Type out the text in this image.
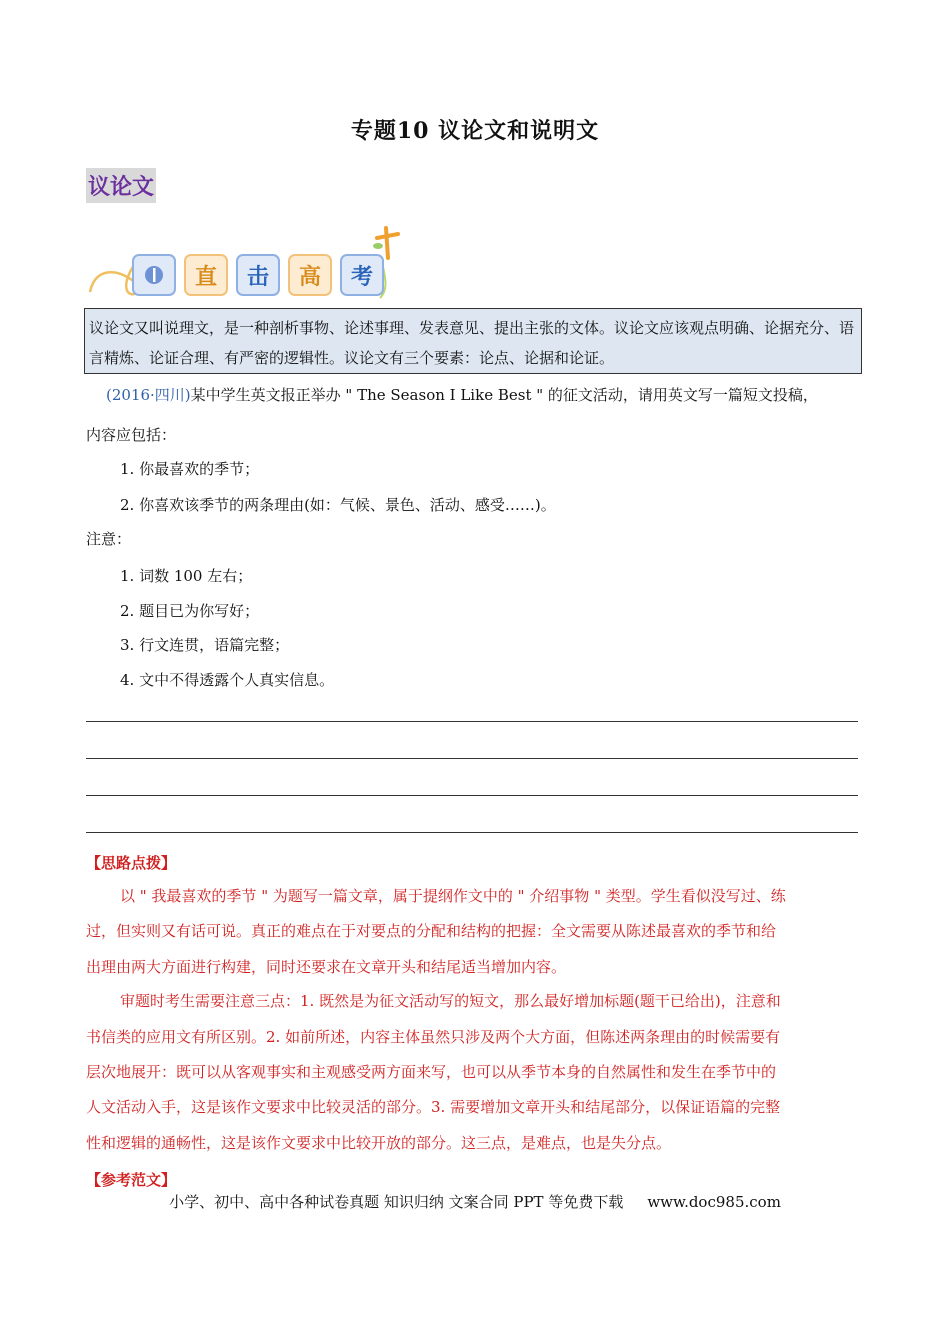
专题10 议论文和说明文
议论文
直	击	高	考
议论文又叫说理文，是一种剖析事物、论述事理、发表意见、提出主张的文体。议论文应该观点明确、论据充分、语言精炼、论证合理、有严密的逻辑性。议论文有三个要素：论点、论据和论证。
(2016·四川)某中学生英文报正举办 " The Season I Like Best " 的征文活动，请用英文写一篇短文投稿，
内容应包括：
1. 你最喜欢的季节；
2. 你喜欢该季节的两条理由(如：气候、景色、活动、感受……)。
注意：
1. 词数 100 左右；
2. 题目已为你写好；
3. 行文连贯，语篇完整；
4. 文中不得透露个人真实信息。
【思路点拨】
以 " 我最喜欢的季节 " 为题写一篇文章，属于提纲作文中的 " 介绍事物 " 类型。学生看似没写过、练
过，但实则又有话可说。真正的难点在于对要点的分配和结构的把握：全文需要从陈述最喜欢的季节和给
出理由两大方面进行构建，同时还要求在文章开头和结尾适当增加内容。
审题时考生需要注意三点：1. 既然是为征文活动写的短文，那么最好增加标题(题干已给出)，注意和
书信类的应用文有所区别。2. 如前所述，内容主体虽然只涉及两个大方面，但陈述两条理由的时候需要有
层次地展开：既可以从客观事实和主观感受两方面来写，也可以从季节本身的自然属性和发生在季节中的
人文活动入手，这是该作文要求中比较灵活的部分。3. 需要增加文章开头和结尾部分，以保证语篇的完整
性和逻辑的通畅性，这是该作文要求中比较开放的部分。这三点，是难点，也是失分点。
【参考范文】
小学、初中、高中各种试卷真题 知识归纳 文案合同 PPT 等免费下载 www.doc985.com
